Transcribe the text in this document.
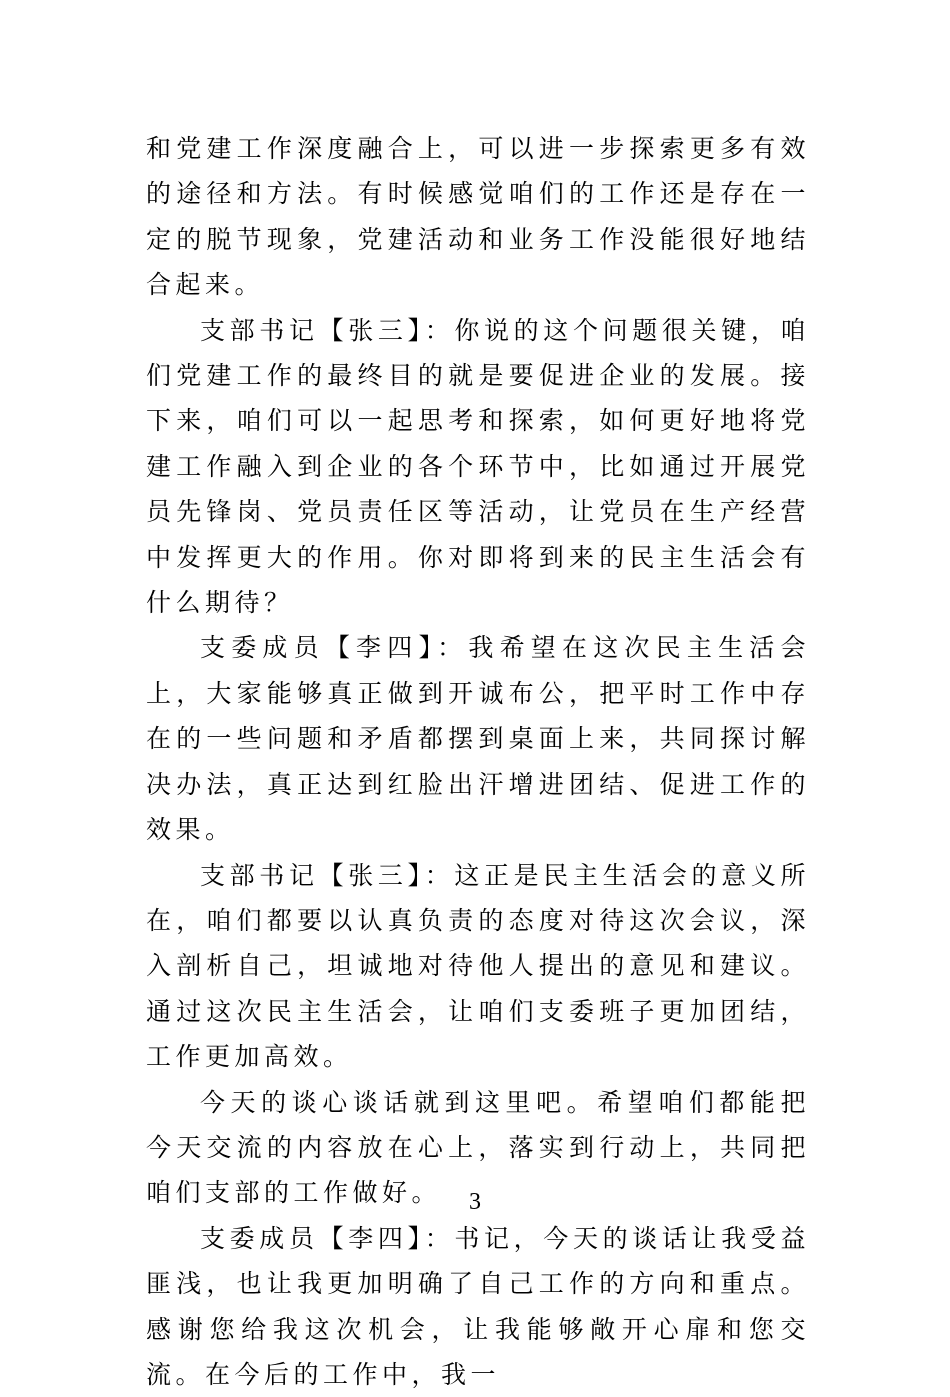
和党建工作深度融合上，可以进一步探索更多有效的途径和方法。有时候感觉咱们的工作还是存在一定的脱节现象，党建活动和业务工作没能很好地结合起来。

支部书记【张三】：你说的这个问题很关键，咱们党建工作的最终目的就是要促进企业的发展。接下来，咱们可以一起思考和探索，如何更好地将党建工作融入到企业的各个环节中，比如通过开展党员先锋岗、党员责任区等活动，让党员在生产经营中发挥更大的作用。你对即将到来的民主生活会有什么期待？

支委成员【李四】：我希望在这次民主生活会上，大家能够真正做到开诚布公，把平时工作中存在的一些问题和矛盾都摆到桌面上来，共同探讨解决办法，真正达到红脸出汗增进团结、促进工作的效果。

支部书记【张三】：这正是民主生活会的意义所在，咱们都要以认真负责的态度对待这次会议，深入剖析自己，坦诚地对待他人提出的意见和建议。通过这次民主生活会，让咱们支委班子更加团结，工作更加高效。

今天的谈心谈话就到这里吧。希望咱们都能把今天交流的内容放在心上，落实到行动上，共同把咱们支部的工作做好。

支委成员【李四】：书记，今天的谈话让我受益匪浅，也让我更加明确了自己工作的方向和重点。感谢您给我这次机会，让我能够敞开心扉和您交流。在今后的工作中，我一

3
